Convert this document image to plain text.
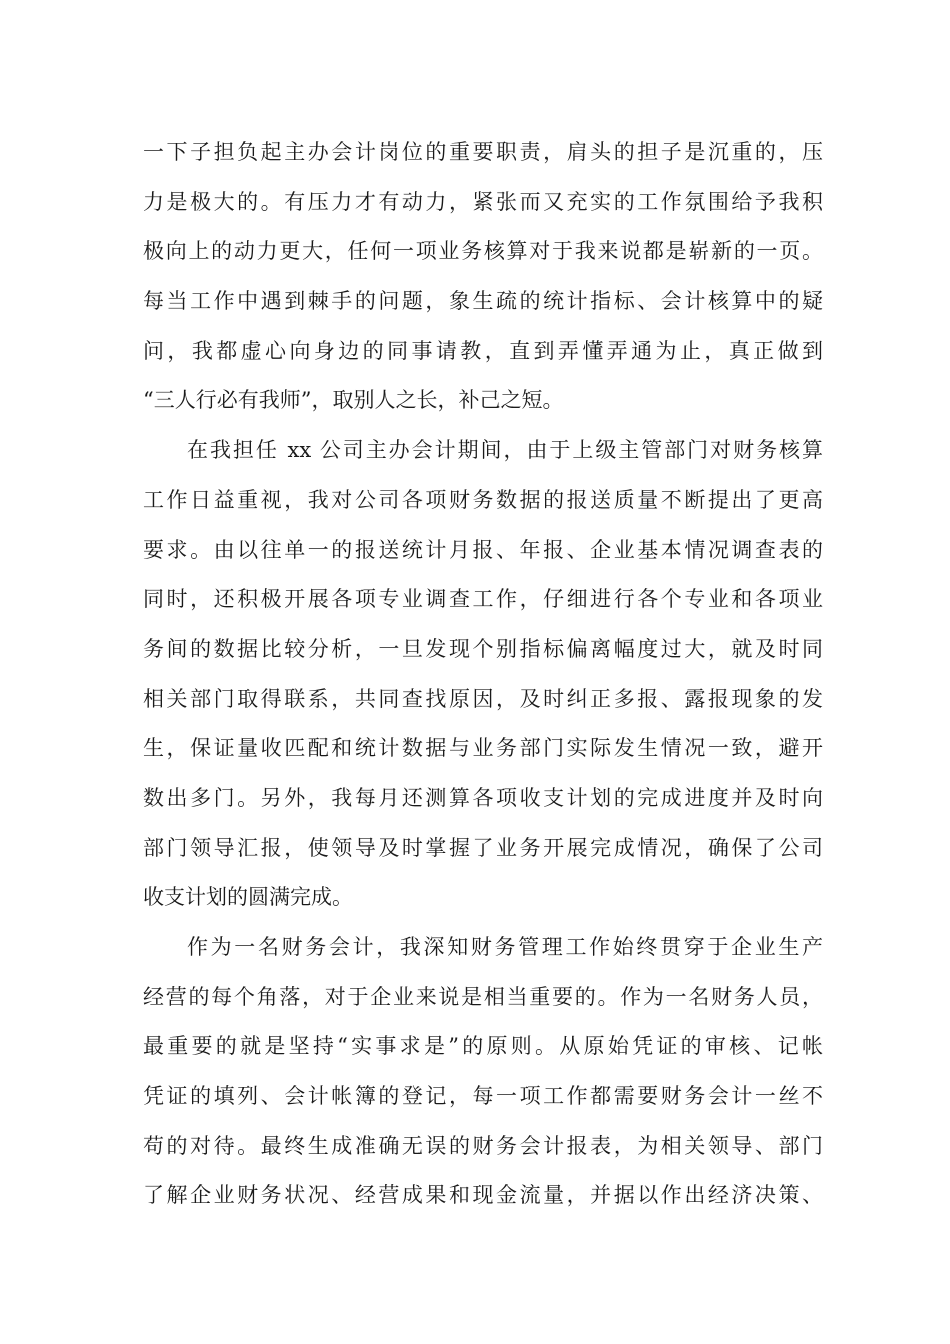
一下子担负起主办会计岗位的重要职责，肩头的担子是沉重的，压
力是极大的。有压力才有动力，紧张而又充实的工作氛围给予我积
极向上的动力更大，任何一项业务核算对于我来说都是崭新的一页。
每当工作中遇到棘手的问题，象生疏的统计指标、会计核算中的疑
问，我都虚心向身边的同事请教，直到弄懂弄通为止，真正做到
“三人行必有我师”，取别人之长，补己之短。
在我担任 xx 公司主办会计期间，由于上级主管部门对财务核算
工作日益重视，我对公司各项财务数据的报送质量不断提出了更高
要求。由以往单一的报送统计月报、年报、企业基本情况调查表的
同时，还积极开展各项专业调查工作，仔细进行各个专业和各项业
务间的数据比较分析，一旦发现个别指标偏离幅度过大，就及时同
相关部门取得联系，共同查找原因，及时纠正多报、露报现象的发
生，保证量收匹配和统计数据与业务部门实际发生情况一致，避开
数出多门。另外，我每月还测算各项收支计划的完成进度并及时向
部门领导汇报，使领导及时掌握了业务开展完成情况，确保了公司
收支计划的圆满完成。
作为一名财务会计，我深知财务管理工作始终贯穿于企业生产
经营的每个角落，对于企业来说是相当重要的。作为一名财务人员，
最重要的就是坚持“实事求是”的原则。从原始凭证的审核、记帐
凭证的填列、会计帐簿的登记，每一项工作都需要财务会计一丝不
苟的对待。最终生成准确无误的财务会计报表，为相关领导、部门
了解企业财务状况、经营成果和现金流量，并据以作出经济决策、
